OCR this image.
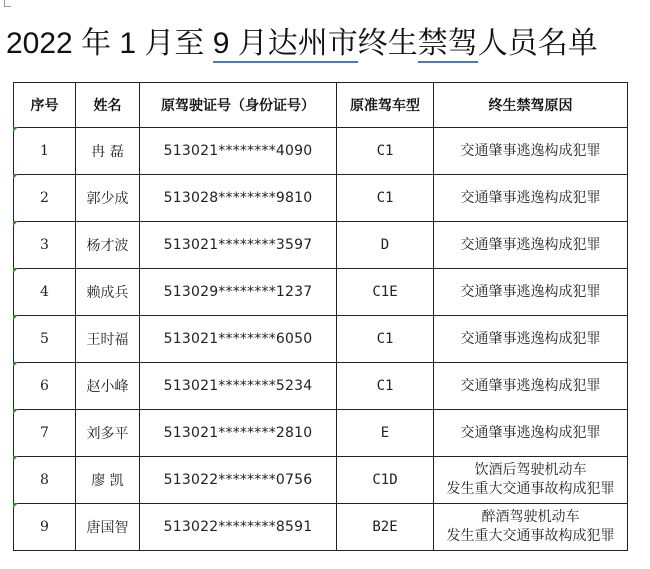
2022 年 1 月至 9 月达州市终生禁驾人员名单
序号	姓名	原驾驶证号（身份证号）	原准驾车型	终生禁驾原因

1	冉 磊	513021********4090	C1	交通肇事逃逸构成犯罪

2	郭少成	513028********9810	C1	交通肇事逃逸构成犯罪

3	杨才波	513021********3597	D	交通肇事逃逸构成犯罪

4	赖成兵	513029********1237	C1E	交通肇事逃逸构成犯罪

5	王时福	513021********6050	C1	交通肇事逃逸构成犯罪

6	赵小峰	513021********5234	C1	交通肇事逃逸构成犯罪

7	刘多平	513021********2810	E	交通肇事逃逸构成犯罪

8	廖 凯	513022********0756	C1D	饮酒后驾驶机动车
发生重大交通事故构成犯罪

9	唐国智	513022********8591	B2E	醉酒驾驶机动车
发生重大交通事故构成犯罪
